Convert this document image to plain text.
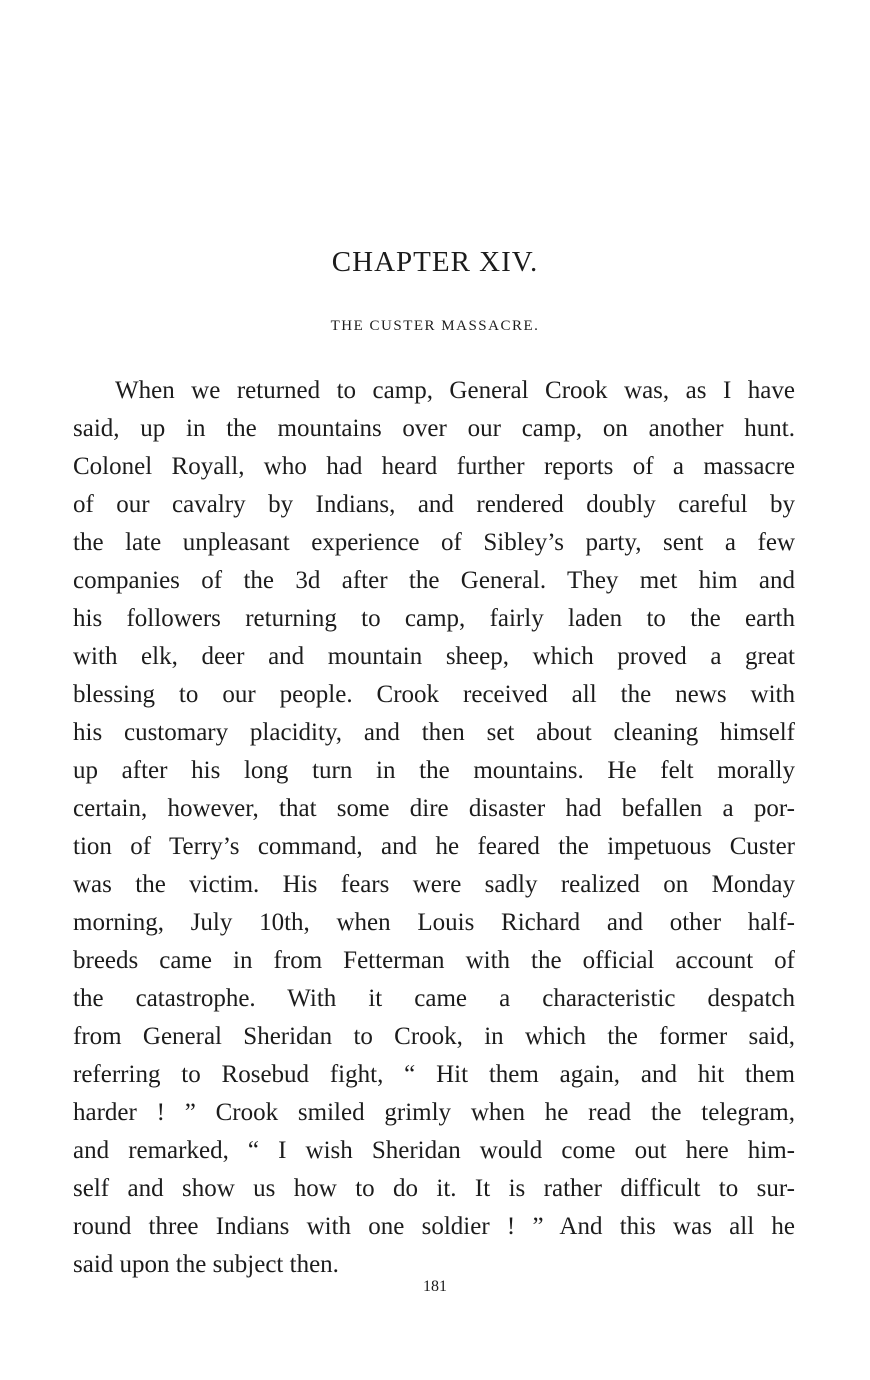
CHAPTER XIV.
THE CUSTER MASSACRE.
When we returned to camp, General Crook was, as I have
said, up in the mountains over our camp, on another hunt.
Colonel Royall, who had heard further reports of a massacre
of our cavalry by Indians, and rendered doubly careful by
the late unpleasant experience of Sibley’s party, sent a few
companies of the 3d after the General. They met him and
his followers returning to camp, fairly laden to the earth
with elk, deer and mountain sheep, which proved a great
blessing to our people. Crook received all the news with
his customary placidity, and then set about cleaning himself
up after his long turn in the mountains. He felt morally
certain, however, that some dire disaster had befallen a por-
tion of Terry’s command, and he feared the impetuous Custer
was the victim. His fears were sadly realized on Monday
morning, July 10th, when Louis Richard and other half-
breeds came in from Fetterman with the official account of
the catastrophe. With it came a characteristic despatch
from General Sheridan to Crook, in which the former said,
referring to Rosebud fight, “ Hit them again, and hit them
harder ! ” Crook smiled grimly when he read the telegram,
and remarked, “ I wish Sheridan would come out here him-
self and show us how to do it. It is rather difficult to sur-
round three Indians with one soldier ! ” And this was all he
said upon the subject then.
181
